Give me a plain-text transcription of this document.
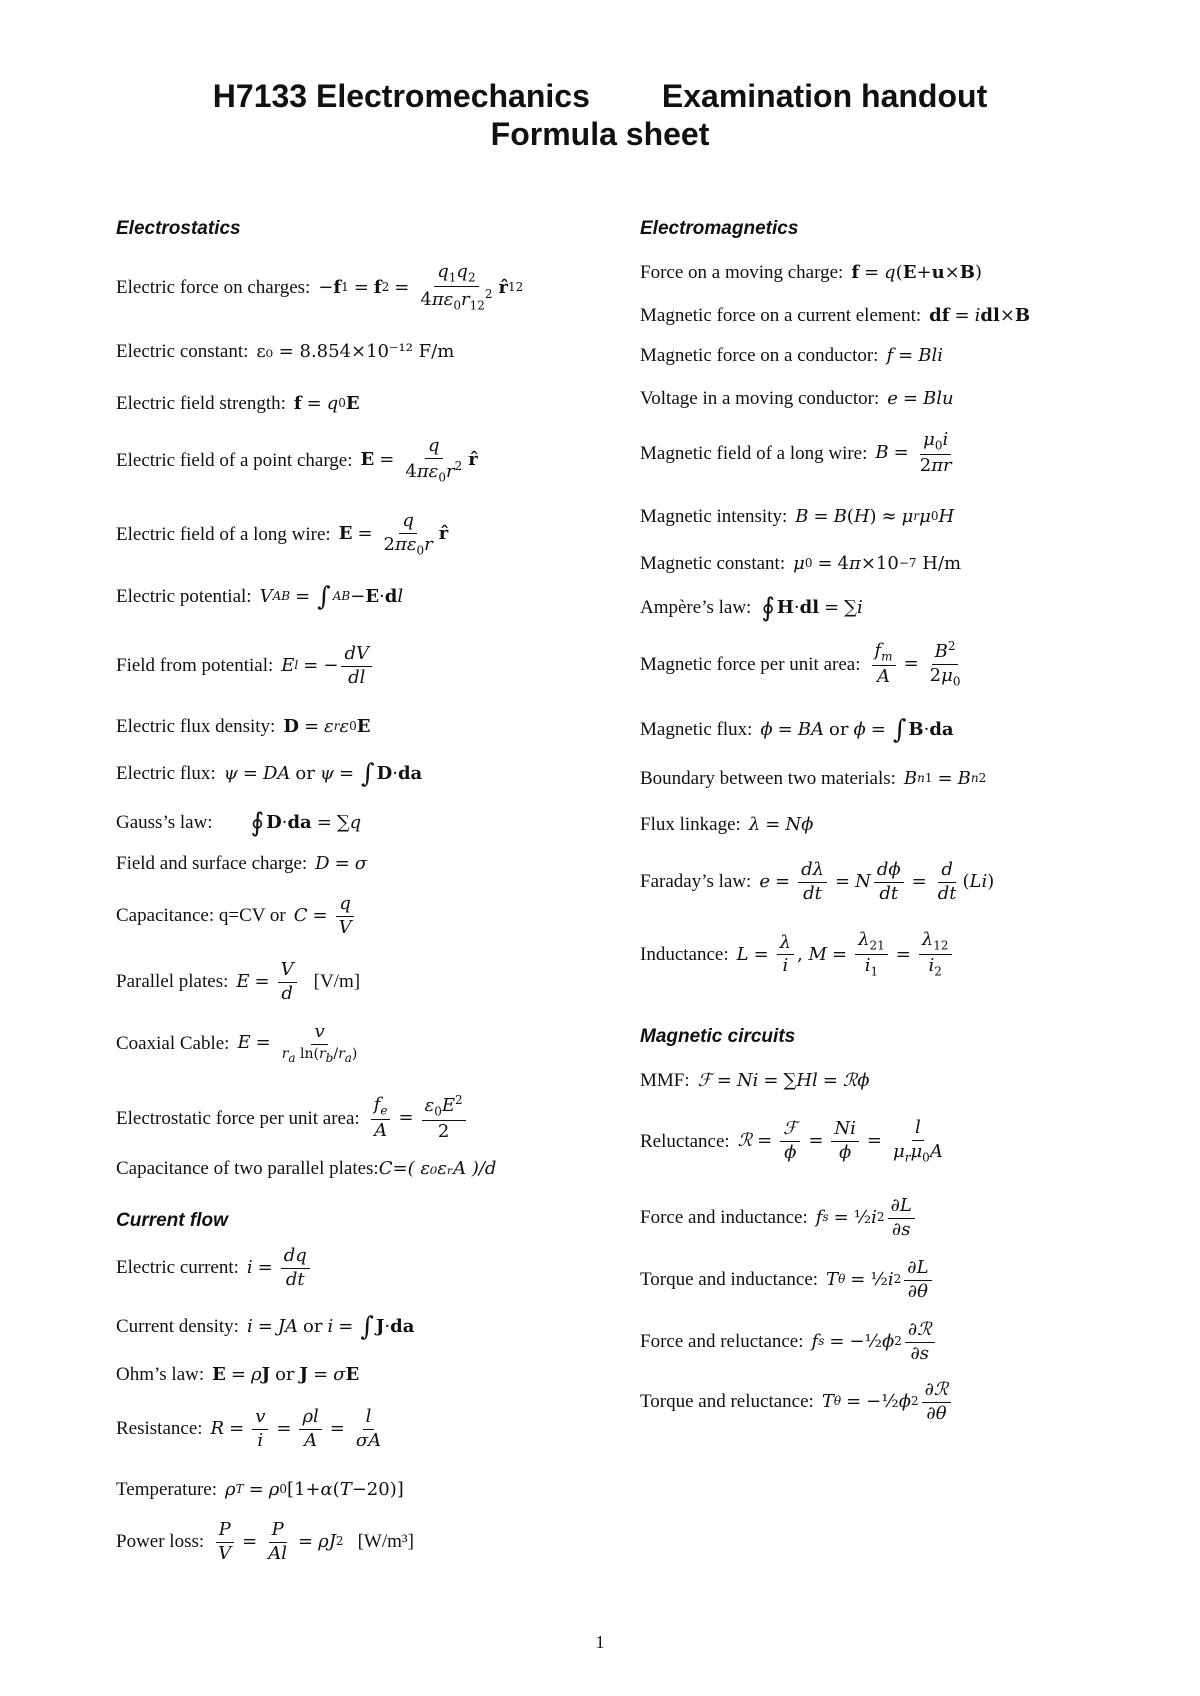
H7133 Electromechanics Examination handout
Formula sheet
Electrostatics
Electric force on charges: − f 1 = f $2 = \frac{q_1q_2}{4\pi\varepsilon_0r_{12}^2}$ r̂ 12
Electric constant: ε₀ = 8.854×10⁻¹² F/m
Electric field strength: f = q 0 E
Electric field of a point charge: $E = \frac{q}{4\pi\varepsilon_0r^2}$ r̂
Electric field of a long wire: $E = \frac{q}{2\pi\varepsilon_0r}$ r̂
Electric potential: V AB = ∫ A B − E · d l
Field from potential: E l = − $\frac{dV}{dl}$
Electric flux density: D = ε r ε 0 E
Electric flux: ψ = DA or ψ = ∫ D · da
Gauss’s law: ∮ D · da = ∑ q
Field and surface charge: D = σ
Capacitance: q=CV or $C = \frac{q}{V}$
Parallel plates: $E = \frac{V}{d} [V/m]$
Coaxial Cable: $E = \frac{v}{r_a \ln(r_b/r_a)}$
Electrostatic force per unit area: $\frac{f_e}{A} = \frac{\varepsilon_0E^2}{2}$
Capacitance of two parallel plates: C=( ε₀εᵣA )/d
Current flow
Electric current: $i = \frac{dq}{dt}$
Current density: i = JA or i = ∫ J · da
Ohm’s law: E = ρ J or J = σ E
Resistance: $R = \frac{v}{i} = \frac{\rho l}{A} = \frac{l}{\sigma A}$
Temperature: ρ T = ρ 0 [1+ α ( T −20)]
Power loss: $\frac{P}{V} = \frac{P}{Al} = \rho J$ 2 [W/m³]
Electromagnetics
Force on a moving charge: f = q ( E + u × B )
Magnetic force on a current element: df = i d l × B
Magnetic force on a conductor: f = Bli
Voltage in a moving conductor: e = Blu
Magnetic field of a long wire: $B = \frac{\mu_0i}{2\pi r}$
Magnetic intensity: B = B ( H ) ≈ μ r μ 0 H
Magnetic constant: μ 0 = 4 π ×10 −7 H/m
Ampère’s law: ∮ H · dl = ∑ i
Magnetic force per unit area: $\frac{f_m}{A} = \frac{B^2}{2\mu_0}$
Magnetic flux: ϕ = BA or ϕ = ∫ B · da
Boundary between two materials: B n1 = B n2
Flux linkage: λ = Nϕ
Faraday’s law: $e = \frac{d\lambda}{dt} = N \frac{d\phi}{dt} = \frac{d}{dt}$ ( Li )
Inductance: $L = \frac{\lambda}{i}$ , $M = \frac{\lambda_{21}}{i_1} = \frac{\lambda_{12}}{i_2}$
Magnetic circuits
MMF: ℱ = Ni = ∑ Hl = ℛϕ
Reluctance: ℛ = $\frac{\text{ℱ}}{\phi} = \frac{Ni}{\phi} = \frac{l}{\mu_r\mu_0A}$
Force and inductance: f s = ½ i $2 \frac{\partial L}{\partial s}$
Torque and inductance: T θ = ½ i $2 \frac{\partial L}{\partial\theta}$
Force and reluctance: f s = −½ ϕ $2 \frac{\text{∂ℛ}}{\partial s}$
Torque and reluctance: T θ = −½ ϕ $2 \frac{\text{∂ℛ}}{\partial\theta}$
1
